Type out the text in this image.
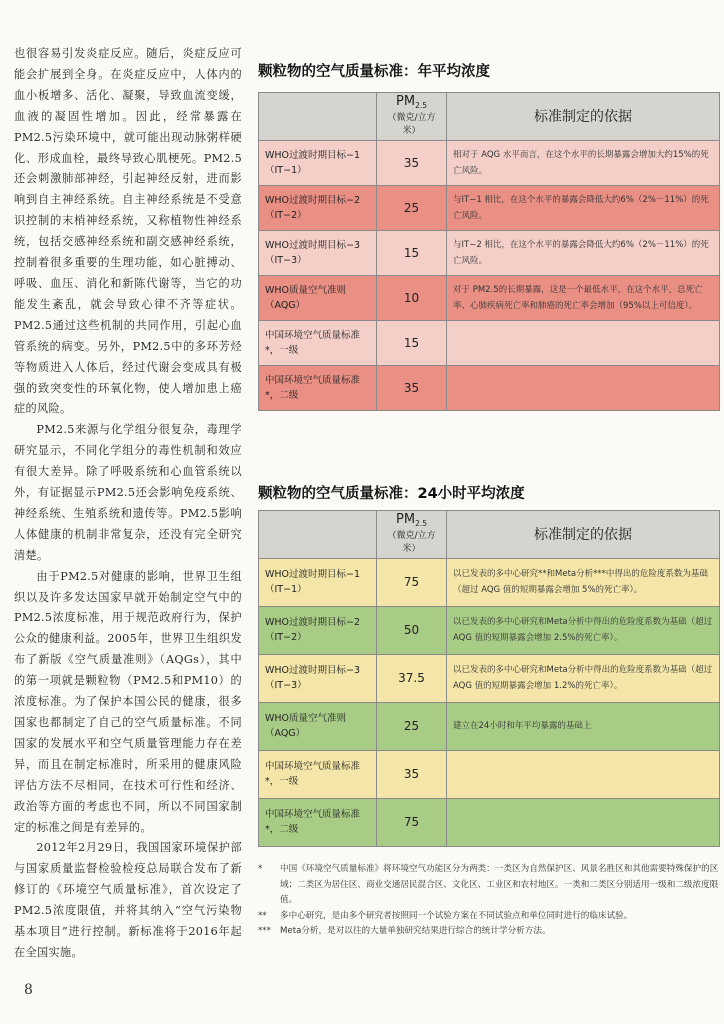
也很容易引发炎症反应。随后，炎症反应可能会扩展到全身。在炎症反应中，人体内的血小板增多、活化、凝聚，导致血流变缓，血液的凝固性增加。因此，经常暴露在PM2.5污染环境中，就可能出现动脉粥样硬化、形成血栓，最终导致心肌梗死。PM2.5还会刺激肺部神经，引起神经反射，进而影响到自主神经系统。自主神经系统是不受意识控制的末梢神经系统，又称植物性神经系统，包括交感神经系统和副交感神经系统，控制着很多重要的生理功能，如心脏搏动、呼吸、血压、消化和新陈代谢等，当它的功能发生紊乱，就会导致心律不齐等症状。PM2.5通过这些机制的共同作用，引起心血管系统的病变。另外，PM2.5中的多环芳烃等物质进入人体后，经过代谢会变成具有极强的致突变性的环氧化物，使人增加患上癌症的风险。

PM2.5来源与化学组分很复杂，毒理学研究显示，不同化学组分的毒性机制和效应有很大差异。除了呼吸系统和心血管系统以外，有证据显示PM2.5还会影响免疫系统、神经系统、生殖系统和遗传等。PM2.5影响人体健康的机制非常复杂，还没有完全研究清楚。

由于PM2.5对健康的影响，世界卫生组织以及许多发达国家早就开始制定空气中的PM2.5浓度标准，用于规范政府行为，保护公众的健康利益。2005年，世界卫生组织发布了新版《空气质量准则》（AQGs），其中的第一项就是颗粒物（PM2.5和PM10）的浓度标准。为了保护本国公民的健康，很多国家也都制定了自己的空气质量标准。不同国家的发展水平和空气质量管理能力存在差异，而且在制定标准时，所采用的健康风险评估方法不尽相同，在技术可行性和经济、政治等方面的考虑也不同，所以不同国家制定的标准之间是有差异的。

2012年2月29日，我国国家环境保护部与国家质量监督检验检疫总局联合发布了新修订的《环境空气质量标准》，首次设定了PM2.5浓度限值，并将其纳入“空气污染物基本项目”进行控制。新标准将于2016年起在全国实施。

8
颗粒物的空气质量标准：年平均浓度
	$PM_{2.5}$
（微克/立方米）	标准制定的依据
WHO过渡时期目标−1（IT−1）	35	相对于 AQG 水平而言，在这个水平的长期暴露会增加大约15%的死亡风险。
WHO过渡时期目标−2（IT−2）	25	与IT−1 相比，在这个水平的暴露会降低大约6%（2%－11%）的死亡风险。
WHO过渡时期目标−3（IT−3）	15	与IT−2 相比，在这个水平的暴露会降低大约6%（2%－11%）的死亡风险。
WHO质量空气准则（AQG）	10	对于 PM2.5的长期暴露，这是一个最低水平，在这个水平，总死亡率、心肺疾病死亡率和肺癌的死亡率会增加（95%以上可信度）。
中国环境空气质量标准*，一级	15	
中国环境空气质量标准*，二级	35	
颗粒物的空气质量标准：24小时平均浓度
	$PM_{2.5}$
（微克/立方米）	标准制定的依据
WHO过渡时期目标−1（IT−1）	75	以已发表的多中心研究**和Meta分析***中得出的危险度系数为基础（超过 AQG 值的短期暴露会增加 5%的死亡率）。
WHO过渡时期目标−2（IT−2）	50	以已发表的多中心研究和Meta分析中得出的危险度系数为基础（超过 AQG 值的短期暴露会增加 2.5%的死亡率）。
WHO过渡时期目标−3（IT−3）	37.5	以已发表的多中心研究和Meta分析中得出的危险度系数为基础（超过 AQG 值的短期暴露会增加 1.2%的死亡率）。
WHO质量空气准则（AQG）	25	建立在24小时和年平均暴露的基础上
中国环境空气质量标准*，一级	35	
中国环境空气质量标准*，二级	75	
*	中国《环境空气质量标准》将环境空气功能区分为两类：一类区为自然保护区、风景名胜区和其他需要特殊保护的区域；二类区为居住区、商业交通居民混合区、文化区、工业区和农村地区。一类和二类区分别适用一级和二级浓度限值。
**	多中心研究，是由多个研究者按照同一个试验方案在不同试验点和单位同时进行的临床试验。
***	Meta分析，是对以往的大量单独研究结果进行综合的统计学分析方法。
